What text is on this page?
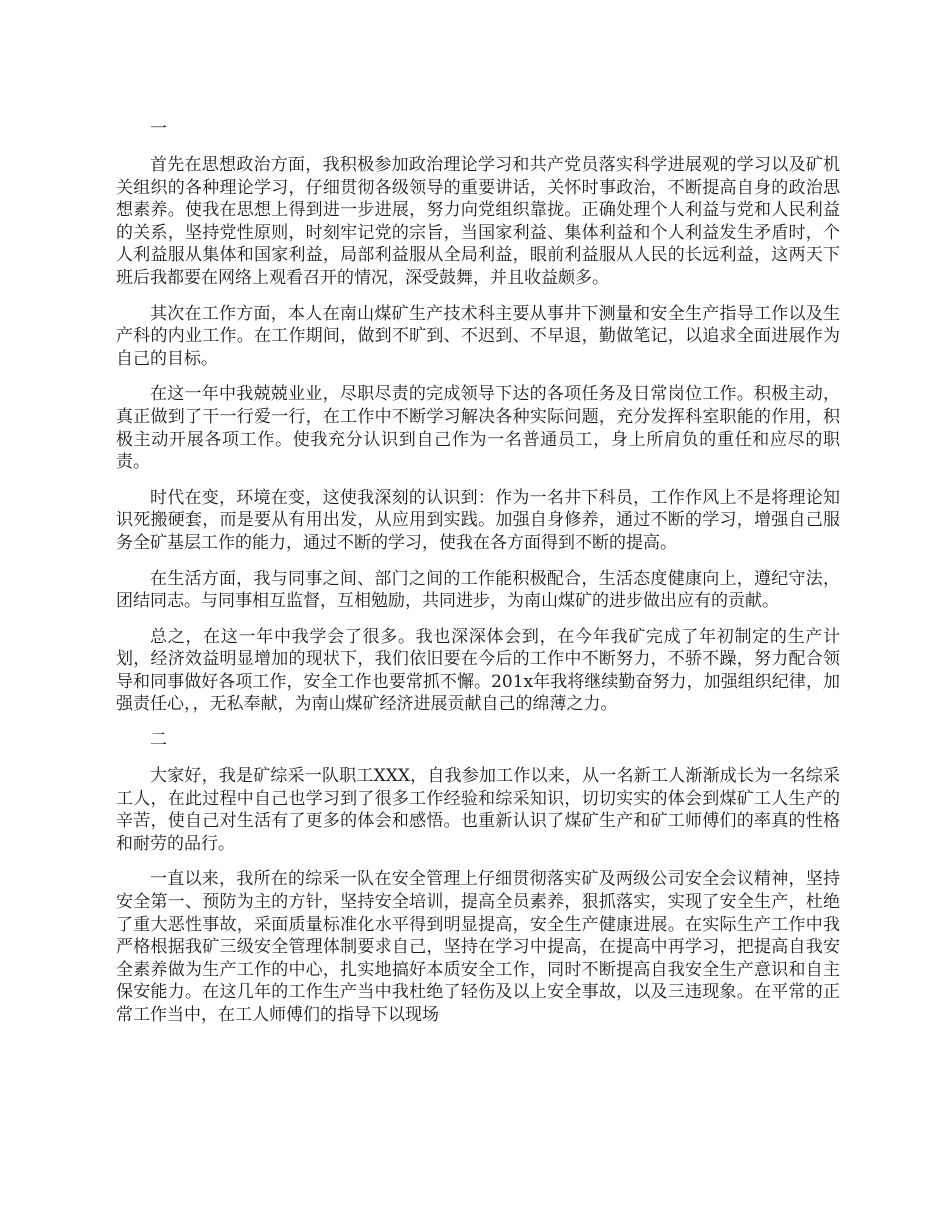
一

首先在思想政治方面，我积极参加政治理论学习和共产党员落实科学进展观的学习以及矿机关组织的各种理论学习，仔细贯彻各级领导的重要讲话，关怀时事政治，不断提高自身的政治思想素养。使我在思想上得到进一步进展，努力向党组织靠拢。正确处理个人利益与党和人民利益的关系，坚持党性原则，时刻牢记党的宗旨，当国家利益、集体利益和个人利益发生矛盾时，个人利益服从集体和国家利益，局部利益服从全局利益，眼前利益服从人民的长远利益，这两天下班后我都要在网络上观看召开的情况，深受鼓舞，并且收益颇多。

其次在工作方面，本人在南山煤矿生产技术科主要从事井下测量和安全生产指导工作以及生产科的内业工作。在工作期间，做到不旷到、不迟到、不早退，勤做笔记，以追求全面进展作为自己的目标。

在这一年中我兢兢业业，尽职尽责的完成领导下达的各项任务及日常岗位工作。积极主动，真正做到了干一行爱一行，在工作中不断学习解决各种实际问题，充分发挥科室职能的作用，积极主动开展各项工作。使我充分认识到自己作为一名普通员工，身上所肩负的重任和应尽的职责。

时代在变，环境在变，这使我深刻的认识到：作为一名井下科员，工作作风上不是将理论知识死搬硬套，而是要从有用出发，从应用到实践。加强自身修养，通过不断的学习，增强自己服务全矿基层工作的能力，通过不断的学习，使我在各方面得到不断的提高。

在生活方面，我与同事之间、部门之间的工作能积极配合，生活态度健康向上，遵纪守法，团结同志。与同事相互监督，互相勉励，共同进步，为南山煤矿的进步做出应有的贡献。

总之，在这一年中我学会了很多。我也深深体会到，在今年我矿完成了年初制定的生产计划，经济效益明显增加的现状下，我们依旧要在今后的工作中不断努力，不骄不躁，努力配合领导和同事做好各项工作，安全工作也要常抓不懈。201x年我将继续勤奋努力，加强组织纪律，加强责任心，，无私奉献，为南山煤矿经济进展贡献自己的绵薄之力。

二

大家好，我是矿综采一队职工XXX，自我参加工作以来，从一名新工人渐渐成长为一名综采工人，在此过程中自己也学习到了很多工作经验和综采知识，切切实实的体会到煤矿工人生产的辛苦，使自己对生活有了更多的体会和感悟。也重新认识了煤矿生产和矿工师傅们的率真的性格和耐劳的品行。

一直以来，我所在的综采一队在安全管理上仔细贯彻落实矿及两级公司安全会议精神，坚持安全第一、预防为主的方针，坚持安全培训，提高全员素养，狠抓落实，实现了安全生产，杜绝了重大恶性事故，采面质量标准化水平得到明显提高，安全生产健康进展。在实际生产工作中我严格根据我矿三级安全管理体制要求自己，坚持在学习中提高，在提高中再学习，把提高自我安全素养做为生产工作的中心，扎实地搞好本质安全工作，同时不断提高自我安全生产意识和自主保安能力。在这几年的工作生产当中我杜绝了轻伤及以上安全事故，以及三违现象。在平常的正常工作当中，在工人师傅们的指导下以现场
